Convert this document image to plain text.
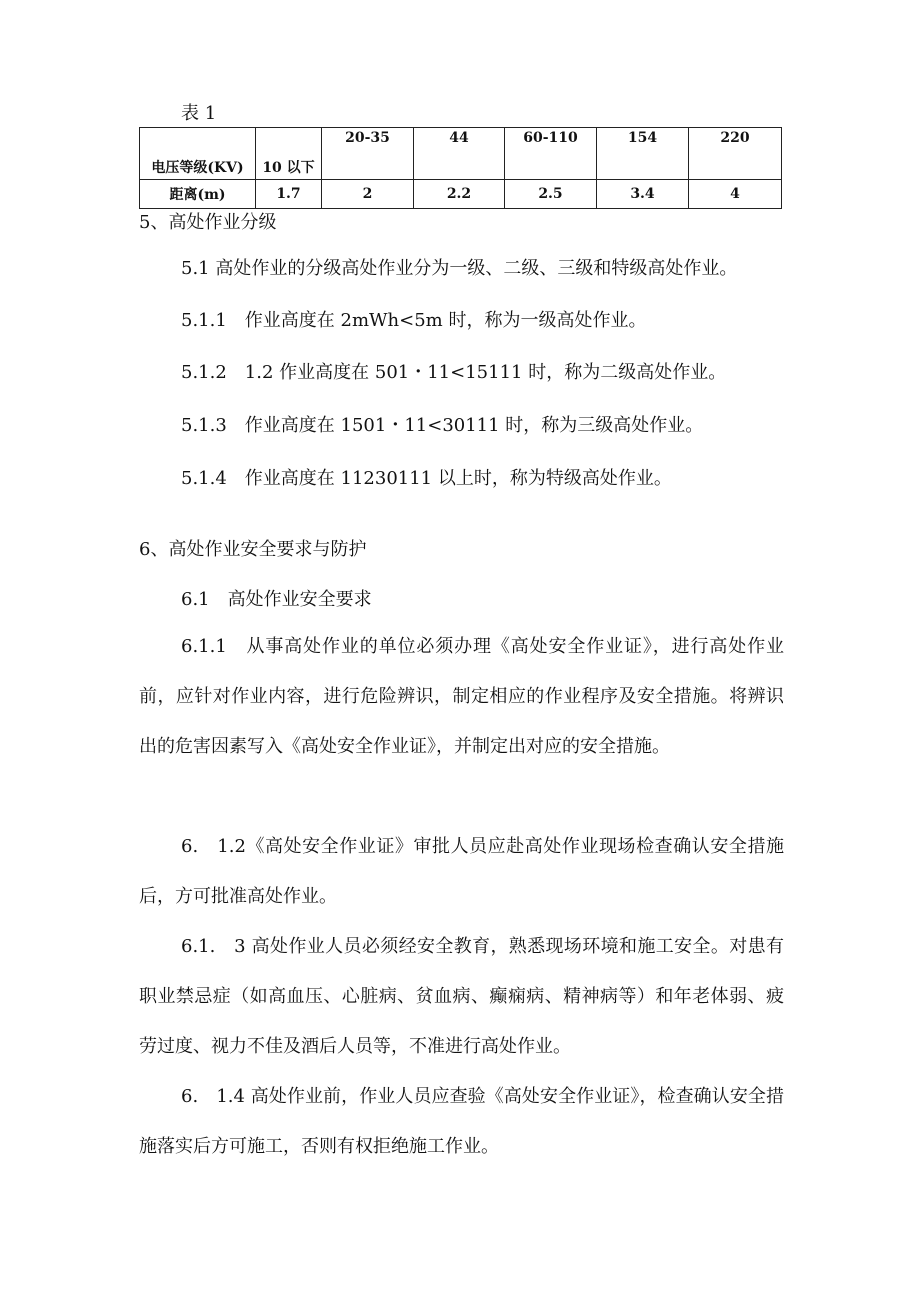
表 1
电压等级(KV)	10 以下	20-35	44	60-110	154	220
距离(m)	1.7	2	2.2	2.5	3.4	4
5、高处作业分级
5.1 高处作业的分级高处作业分为一级、二级、三级和特级高处作业。
5.1.1　作业高度在 2mWh<5m 时，称为一级高处作业。
5.1.2　1.2 作业高度在 501・11<15111 时，称为二级高处作业。
5.1.3　作业高度在 1501・11<30111 时，称为三级高处作业。
5.1.4　作业高度在 11230111 以上时，称为特级高处作业。
6、高处作业安全要求与防护
6.1　高处作业安全要求
6.1.1　从事高处作业的单位必须办理《高处安全作业证》，进行高处作业前，应针对作业内容，进行危险辨识，制定相应的作业程序及安全措施。将辨识出的危害因素写入《高处安全作业证》，并制定出对应的安全措施。
6.　1.2《高处安全作业证》审批人员应赴高处作业现场检查确认安全措施后，方可批准高处作业。
6.1.　3 高处作业人员必须经安全教育，熟悉现场环境和施工安全。对患有职业禁忌症（如高血压、心脏病、贫血病、癫痫病、精神病等）和年老体弱、疲劳过度、视力不佳及酒后人员等，不准进行高处作业。
6.　1.4 高处作业前，作业人员应查验《高处安全作业证》，检查确认安全措施落实后方可施工，否则有权拒绝施工作业。
